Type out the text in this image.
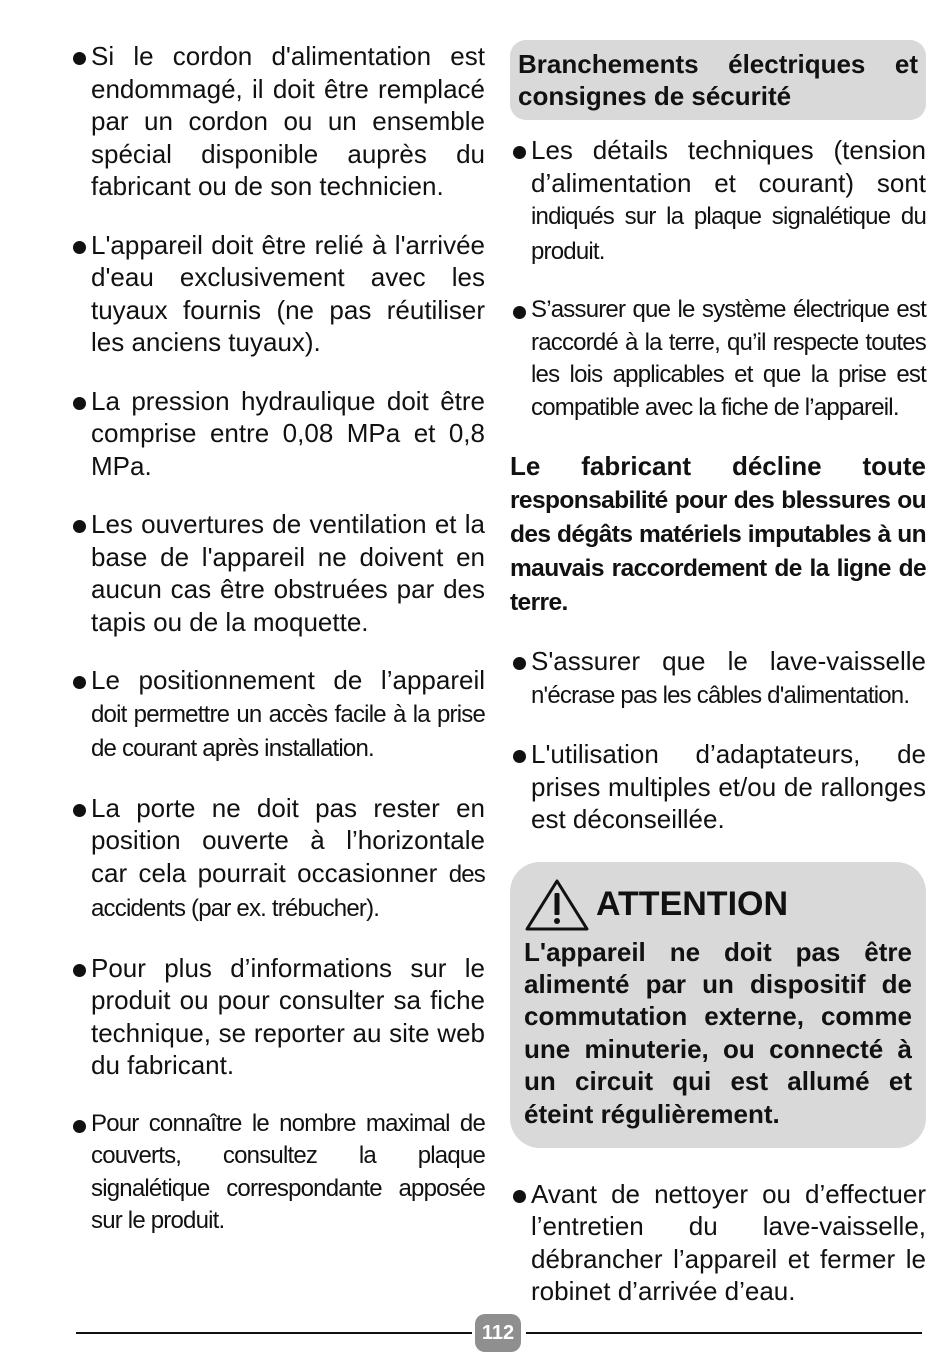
Si le cordon d'alimentation est endommagé, il doit être remplacé par un cordon ou un ensemble spécial disponible auprès du fabricant ou de son technicien.
L'appareil doit être relié à l'arrivée d'eau exclusivement avec les tuyaux fournis (ne pas réutiliser les anciens tuyaux).
La pression hydraulique doit être comprise entre 0,08 MPa et 0,8 MPa.
Les ouvertures de ventilation et la base de l'appareil ne doivent en aucun cas être obstruées par des tapis ou de la moquette.
Le positionnement de l’appareil doit permettre un accès facile à la prise de courant après installation.
La porte ne doit pas rester en position ouverte à l’horizontale car cela pourrait occasionner des accidents (par ex. trébucher).
Pour plus d’informations sur le produit ou pour consulter sa fiche technique, se reporter au site web du fabricant.
Pour connaître le nombre maximal de couverts, consultez la plaque signalétique correspondante apposée sur le produit.
Branchements électriques et consignes de sécurité
Les détails techniques (tension d’alimentation et courant) sont indiqués sur la plaque signalétique du produit.
S’assurer que le système électrique est raccordé à la terre, qu’il respecte toutes les lois applicables et que la prise est compatible avec la fiche de l’appareil.
Le fabricant décline toute responsabilité pour des blessures ou des dégâts matériels imputables à un mauvais raccordement de la ligne de terre.
S'assurer que le lave-vaisselle n'écrase pas les câbles d'alimentation.
L'utilisation d’adaptateurs, de prises multiples et/ou de rallonges est déconseillée.
ATTENTION
L'appareil ne doit pas être alimenté par un dispositif de commutation externe, comme une minuterie, ou connecté à un circuit qui est allumé et éteint régulièrement.
Avant de nettoyer ou d’effectuer l’entretien du lave-vaisselle, débrancher l’appareil et fermer le robinet d’arrivée d’eau.
112
